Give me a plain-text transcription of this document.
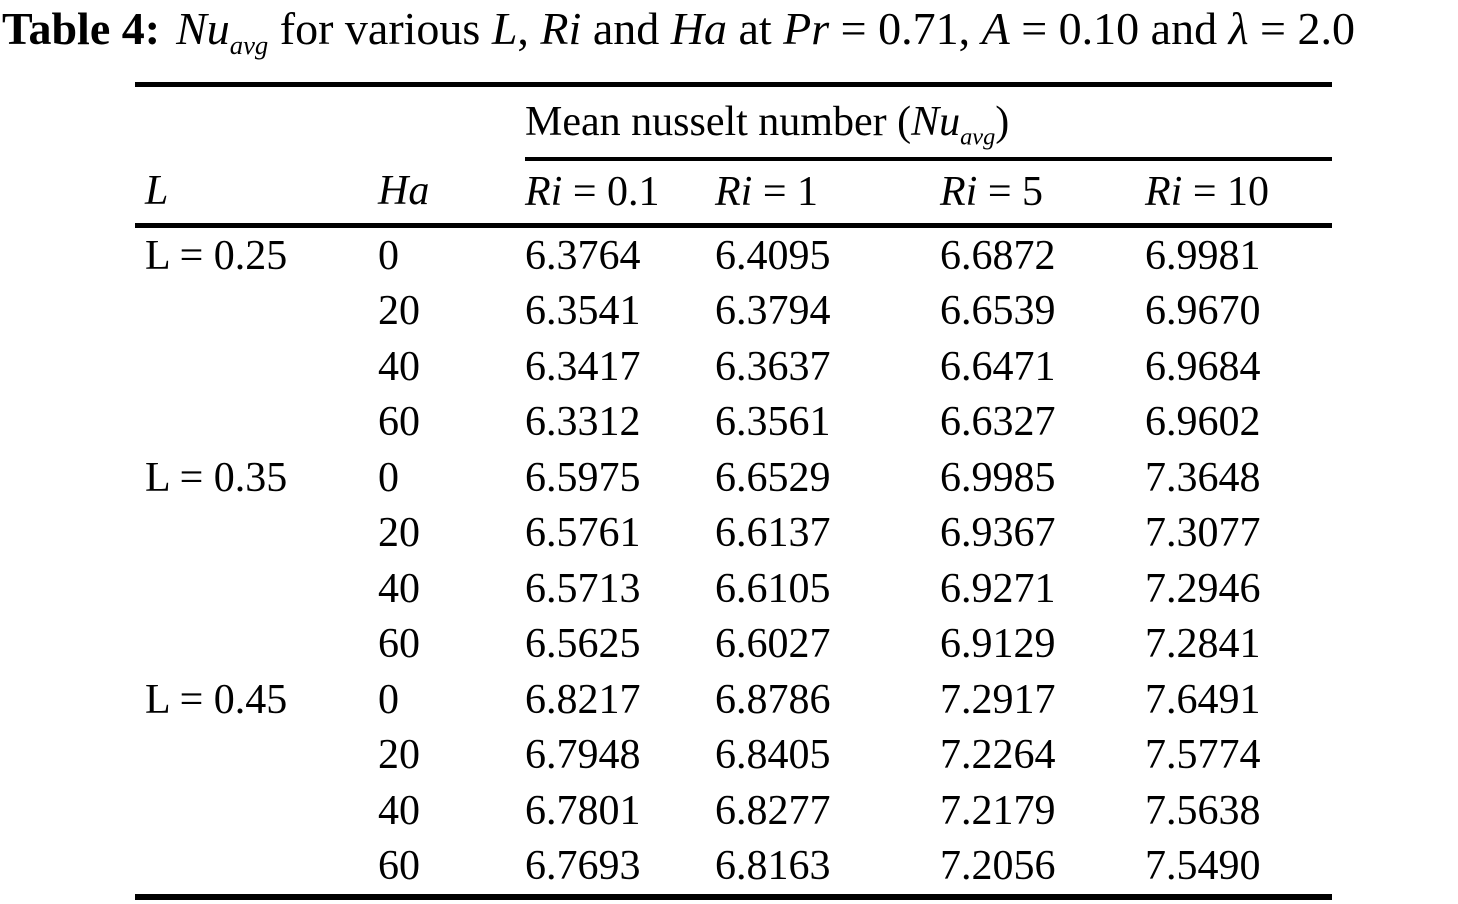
Table 4: $Nu_{avg}$ for various L, Ri and Ha at Pr = 0.71, A = 0.10 and λ = 2.0
		Mean nusselt number $(Nu_{avg})$			
L	Ha	Ri = 0.1	Ri = 1	Ri = 5	Ri = 10
L = 0.25	0	6.3764	6.4095	6.6872	6.9981
	20	6.3541	6.3794	6.6539	6.9670
	40	6.3417	6.3637	6.6471	6.9684
	60	6.3312	6.3561	6.6327	6.9602
L = 0.35	0	6.5975	6.6529	6.9985	7.3648
	20	6.5761	6.6137	6.9367	7.3077
	40	6.5713	6.6105	6.9271	7.2946
	60	6.5625	6.6027	6.9129	7.2841
L = 0.45	0	6.8217	6.8786	7.2917	7.6491
	20	6.7948	6.8405	7.2264	7.5774
	40	6.7801	6.8277	7.2179	7.5638
	60	6.7693	6.8163	7.2056	7.5490
